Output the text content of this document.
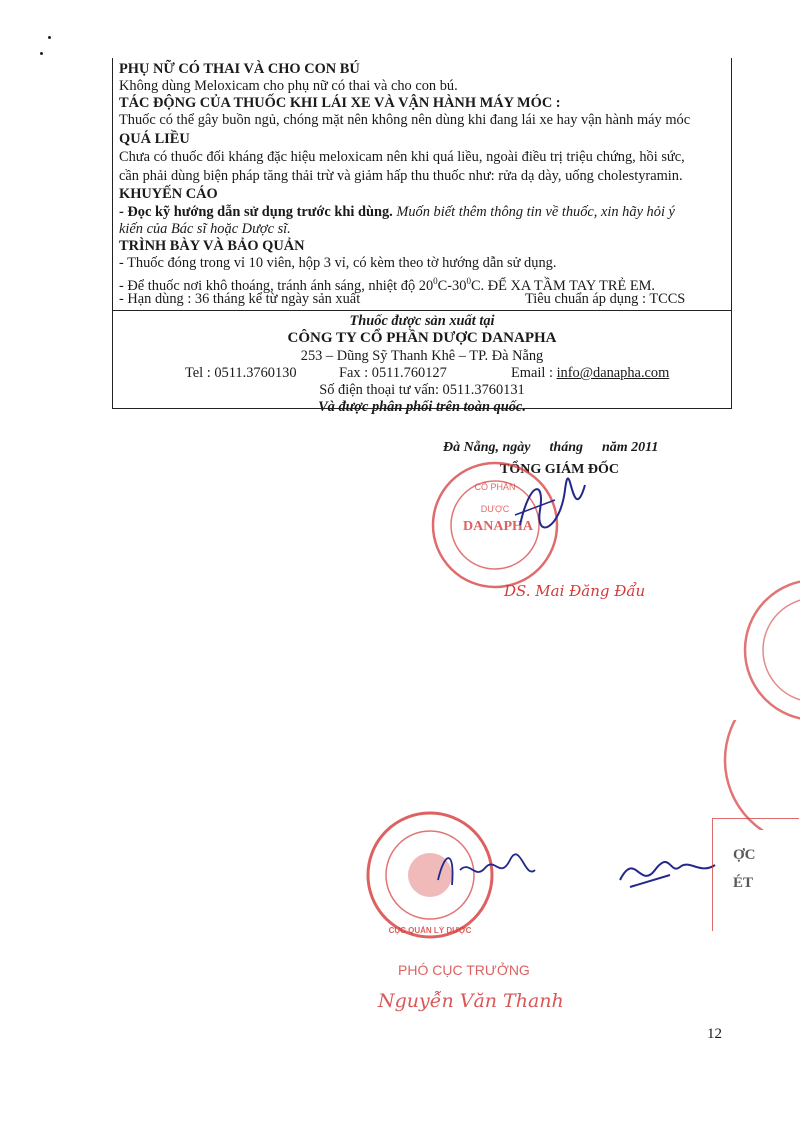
PHỤ NỮ CÓ THAI VÀ CHO CON BÚ
Không dùng Meloxicam cho phụ nữ có thai và cho con bú.
TÁC ĐỘNG CỦA THUỐC KHI LÁI XE VÀ VẬN HÀNH MÁY MÓC :
Thuốc có thể gây buồn ngủ, chóng mặt nên không nên dùng khi đang lái xe hay vận hành máy móc
QUÁ LIỀU
Chưa có thuốc đối kháng đặc hiệu meloxicam nên khi quá liều, ngoài điều trị triệu chứng, hồi sức,
cần phải dùng biện pháp tăng thải trừ và giảm hấp thu thuốc như: rửa dạ dày, uống cholestyramin.
KHUYẾN CÁO
- Đọc kỹ hướng dẫn sử dụng trước khi dùng. Muốn biết thêm thông tin về thuốc, xin hãy hỏi ý
kiến của Bác sĩ hoặc Dược sĩ.
TRÌNH BÀY VÀ BẢO QUẢN
- Thuốc đóng trong vỉ 10 viên, hộp 3 vỉ, có kèm theo tờ hướng dẫn sử dụng.
- Để thuốc nơi khô thoáng, tránh ánh sáng, nhiệt độ $20^0C-30^0C$. ĐỂ XA TẦM TAY TRẺ EM.
- Hạn dùng : 36 tháng kể từ ngày sản xuất	Tiêu chuẩn áp dụng : TCCS
Thuốc được sản xuất tại
CÔNG TY CỔ PHẦN DƯỢC DANAPHA
253 – Dũng Sỹ Thanh Khê – TP. Đà Nẵng
Tel : 0511.3760130	Fax : 0511.760127	Email : info@danapha.com
Số điện thoại tư vấn: 0511.3760131
Và được phân phối trên toàn quốc.
Đà Nẵng, ngày tháng năm 2011
TỔNG GIÁM ĐỐC
CỔ PHẦN
DƯỢC
DANAPHA
DS. Mai Đăng Đẩu
CỤC QUẢN LÝ DƯỢC
ỢC
ÉT
PHÓ CỤC TRƯỞNG
Nguyễn Văn Thanh
12
